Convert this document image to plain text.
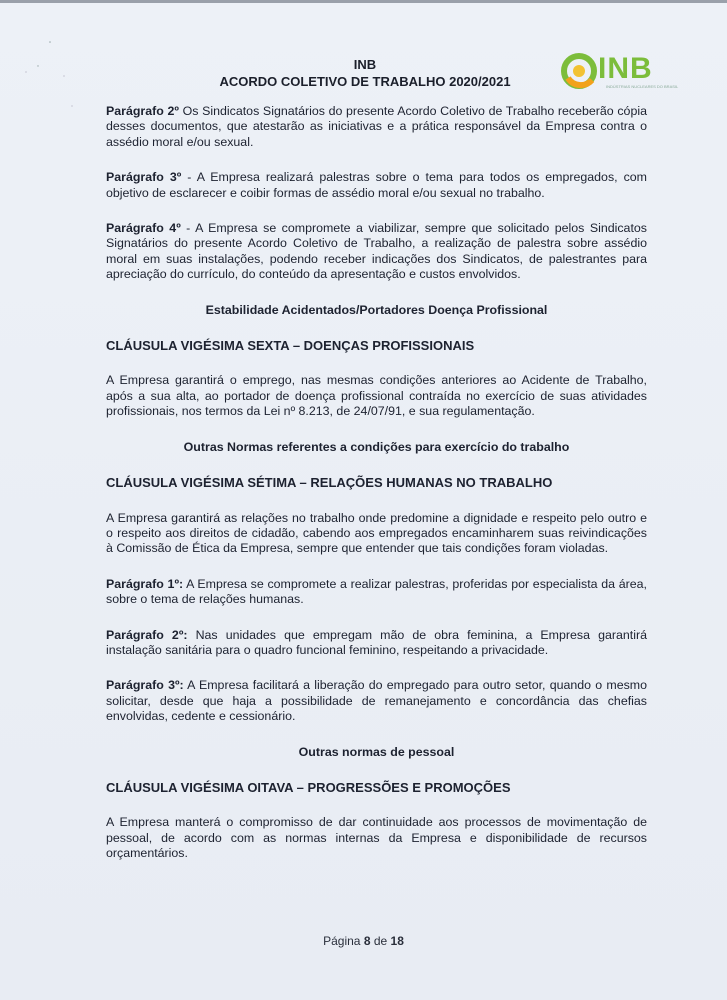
INB
ACORDO COLETIVO DE TRABALHO 2020/2021	INB
INDÚSTRIAS NUCLEARES DO BRASIL

Parágrafo 2º Os Sindicatos Signatários do presente Acordo Coletivo de Trabalho receberão cópia desses documentos, que atestarão as iniciativas e a prática responsável da Empresa contra o assédio moral e/ou sexual.

Parágrafo 3º - A Empresa realizará palestras sobre o tema para todos os empregados, com objetivo de esclarecer e coibir formas de assédio moral e/ou sexual no trabalho.

Parágrafo 4º - A Empresa se compromete a viabilizar, sempre que solicitado pelos Sindicatos Signatários do presente Acordo Coletivo de Trabalho, a realização de palestra sobre assédio moral em suas instalações, podendo receber indicações dos Sindicatos, de palestrantes para apreciação do currículo, do conteúdo da apresentação e custos envolvidos.

Estabilidade Acidentados/Portadores Doença Profissional

CLÁUSULA VIGÉSIMA SEXTA – DOENÇAS PROFISSIONAIS

A Empresa garantirá o emprego, nas mesmas condições anteriores ao Acidente de Trabalho, após a sua alta, ao portador de doença profissional contraída no exercício de suas atividades profissionais, nos termos da Lei nº 8.213, de 24/07/91, e sua regulamentação.

Outras Normas referentes a condições para exercício do trabalho

CLÁUSULA VIGÉSIMA SÉTIMA – RELAÇÕES HUMANAS NO TRABALHO

A Empresa garantirá as relações no trabalho onde predomine a dignidade e respeito pelo outro e o respeito aos direitos de cidadão, cabendo aos empregados encaminharem suas reivindicações à Comissão de Ética da Empresa, sempre que entender que tais condições foram violadas.

Parágrafo 1º: A Empresa se compromete a realizar palestras, proferidas por especialista da área, sobre o tema de relações humanas.

Parágrafo 2º: Nas unidades que empregam mão de obra feminina, a Empresa garantirá instalação sanitária para o quadro funcional feminino, respeitando a privacidade.

Parágrafo 3º: A Empresa facilitará a liberação do empregado para outro setor, quando o mesmo solicitar, desde que haja a possibilidade de remanejamento e concordância das chefias envolvidas, cedente e cessionário.

Outras normas de pessoal

CLÁUSULA VIGÉSIMA OITAVA – PROGRESSÕES E PROMOÇÕES

A Empresa manterá o compromisso de dar continuidade aos processos de movimentação de pessoal, de acordo com as normas internas da Empresa e disponibilidade de recursos orçamentários.

Página 8 de 18
